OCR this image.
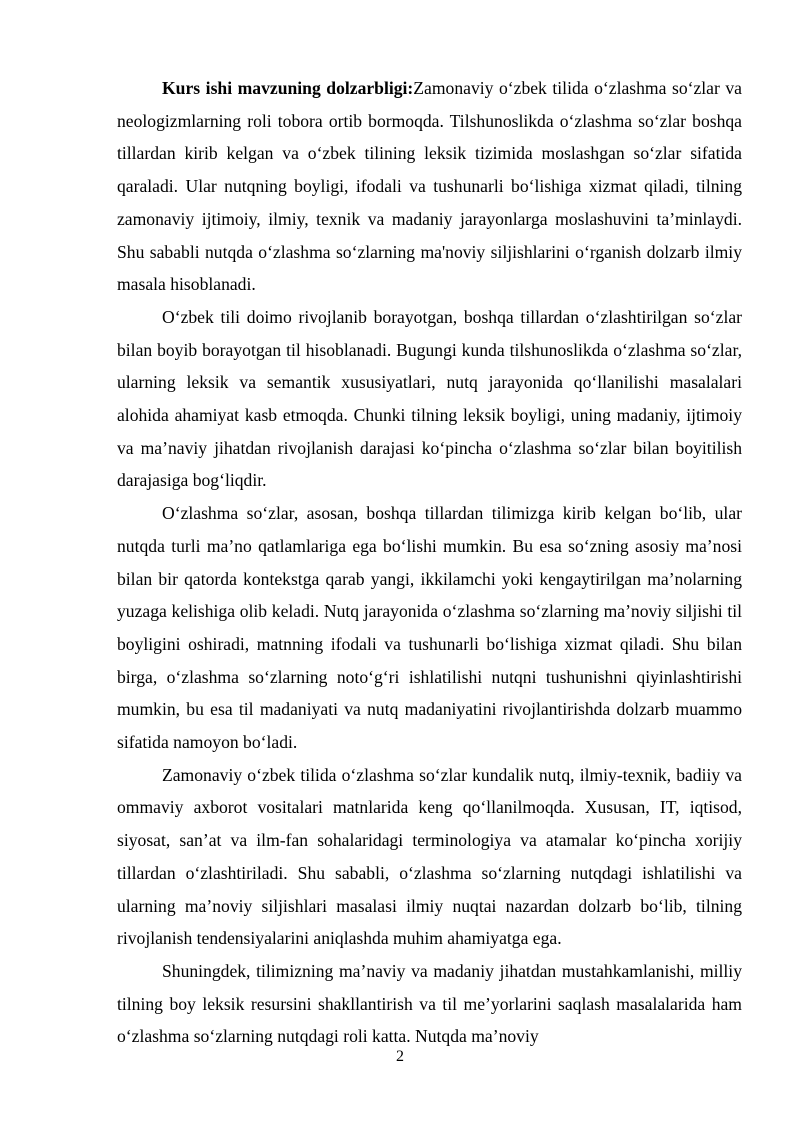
Kurs ishi mavzuning dolzarbligi:Zamonaviy o‘zbek tilida o‘zlashma so‘zlar va neologizmlarning roli tobora ortib bormoqda. Tilshunoslikda o‘zlashma so‘zlar boshqa tillardan kirib kelgan va o‘zbek tilining leksik tizimida moslashgan so‘zlar sifatida qaraladi. Ular nutqning boyligi, ifodali va tushunarli bo‘lishiga xizmat qiladi, tilning zamonaviy ijtimoiy, ilmiy, texnik va madaniy jarayonlarga moslashuvini ta’minlaydi. Shu sababli nutqda o‘zlashma so‘zlarning ma'noviy siljishlarini o‘rganish dolzarb ilmiy masala hisoblanadi.

O‘zbek tili doimo rivojlanib borayotgan, boshqa tillardan o‘zlashtirilgan so‘zlar bilan boyib borayotgan til hisoblanadi. Bugungi kunda tilshunoslikda o‘zlashma so‘zlar, ularning leksik va semantik xususiyatlari, nutq jarayonida qo‘llanilishi masalalari alohida ahamiyat kasb etmoqda. Chunki tilning leksik boyligi, uning madaniy, ijtimoiy va ma’naviy jihatdan rivojlanish darajasi ko‘pincha o‘zlashma so‘zlar bilan boyitilish darajasiga bog‘liqdir.

O‘zlashma so‘zlar, asosan, boshqa tillardan tilimizga kirib kelgan bo‘lib, ular nutqda turli ma’no qatlamlariga ega bo‘lishi mumkin. Bu esa so‘zning asosiy ma’nosi bilan bir qatorda kontekstga qarab yangi, ikkilamchi yoki kengaytirilgan ma’nolarning yuzaga kelishiga olib keladi. Nutq jarayonida o‘zlashma so‘zlarning ma’noviy siljishi til boyligini oshiradi, matnning ifodali va tushunarli bo‘lishiga xizmat qiladi. Shu bilan birga, o‘zlashma so‘zlarning noto‘g‘ri ishlatilishi nutqni tushunishni qiyinlashtirishi mumkin, bu esa til madaniyati va nutq madaniyatini rivojlantirishda dolzarb muammo sifatida namoyon bo‘ladi.

Zamonaviy o‘zbek tilida o‘zlashma so‘zlar kundalik nutq, ilmiy-texnik, badiiy va ommaviy axborot vositalari matnlarida keng qo‘llanilmoqda. Xususan, IT, iqtisod, siyosat, san’at va ilm-fan sohalaridagi terminologiya va atamalar ko‘pincha xorijiy tillardan o‘zlashtiriladi. Shu sababli, o‘zlashma so‘zlarning nutqdagi ishlatilishi va ularning ma’noviy siljishlari masalasi ilmiy nuqtai nazardan dolzarb bo‘lib, tilning rivojlanish tendensiyalarini aniqlashda muhim ahamiyatga ega.

Shuningdek, tilimizning ma’naviy va madaniy jihatdan mustahkamlanishi, milliy tilning boy leksik resursini shakllantirish va til me’yorlarini saqlash masalalarida ham o‘zlashma so‘zlarning nutqdagi roli katta. Nutqda ma’noviy

2
